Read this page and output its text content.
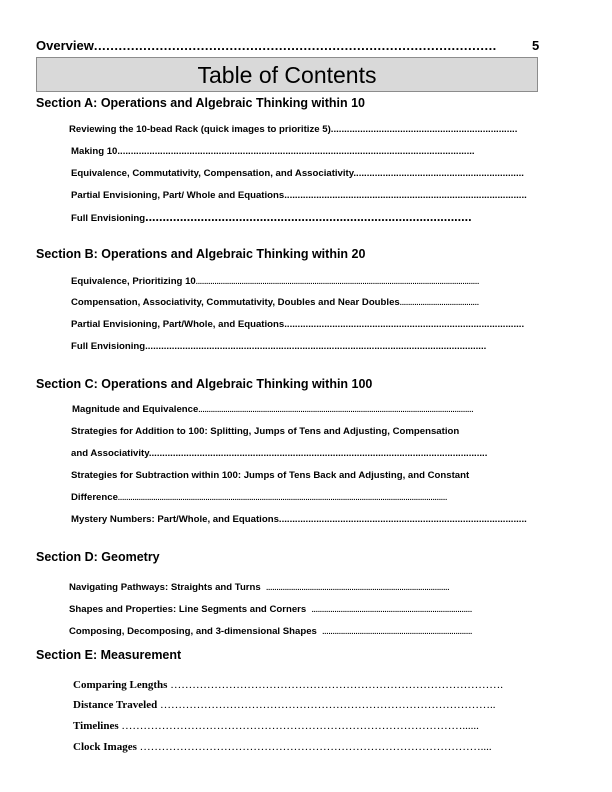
Overview..................................................................................................	5
Table of Contents
Section A: Operations and Algebraic Thinking within 10
Reviewing the 10-bead Rack (quick images to prioritize 5)......................................................................
Making 10......................................................................................................................................
Equivalence, Commutativity, Compensation, and Associativity................................................................
Partial Envisioning, Part/ Whole and Equations...........................................................................................
Full Envisioning..............................................................................................
Section B: Operations and Algebraic Thinking within 20
Equivalence, Prioritizing 10........................................................................................................................................
Compensation, Associativity, Commutativity, Doubles and Near Doubles......................................
Partial Envisioning, Part/Whole, and Equations..........................................................................................
Full Envisioning................................................................................................................................
Section C: Operations and Algebraic Thinking within 100
Magnitude and Equivalence....................................................................................................................................
Strategies for Addition to 100: Splitting, Jumps of Tens and Adjusting, Compensation
and Associativity...............................................................................................................................
Strategies for Subtraction within 100: Jumps of Tens Back and Adjusting, and Constant
Difference..............................................................................................................................................................
Mystery Numbers: Part/Whole, and Equations.............................................................................................
Section D: Geometry
Navigating Pathways: Straights and Turns ........................................................................................
Shapes and Properties: Line Segments and Corners .............................................................................
Composing, Decomposing, and 3-dimensional Shapes ........................................................................
Section E: Measurement
Comparing Lengths ……………………………………………………………………………….
Distance Traveled ………………………………………………………………………………..
Timelines …………………………………………………………………………………......
Clock Images …………………………………………………………………………………....
